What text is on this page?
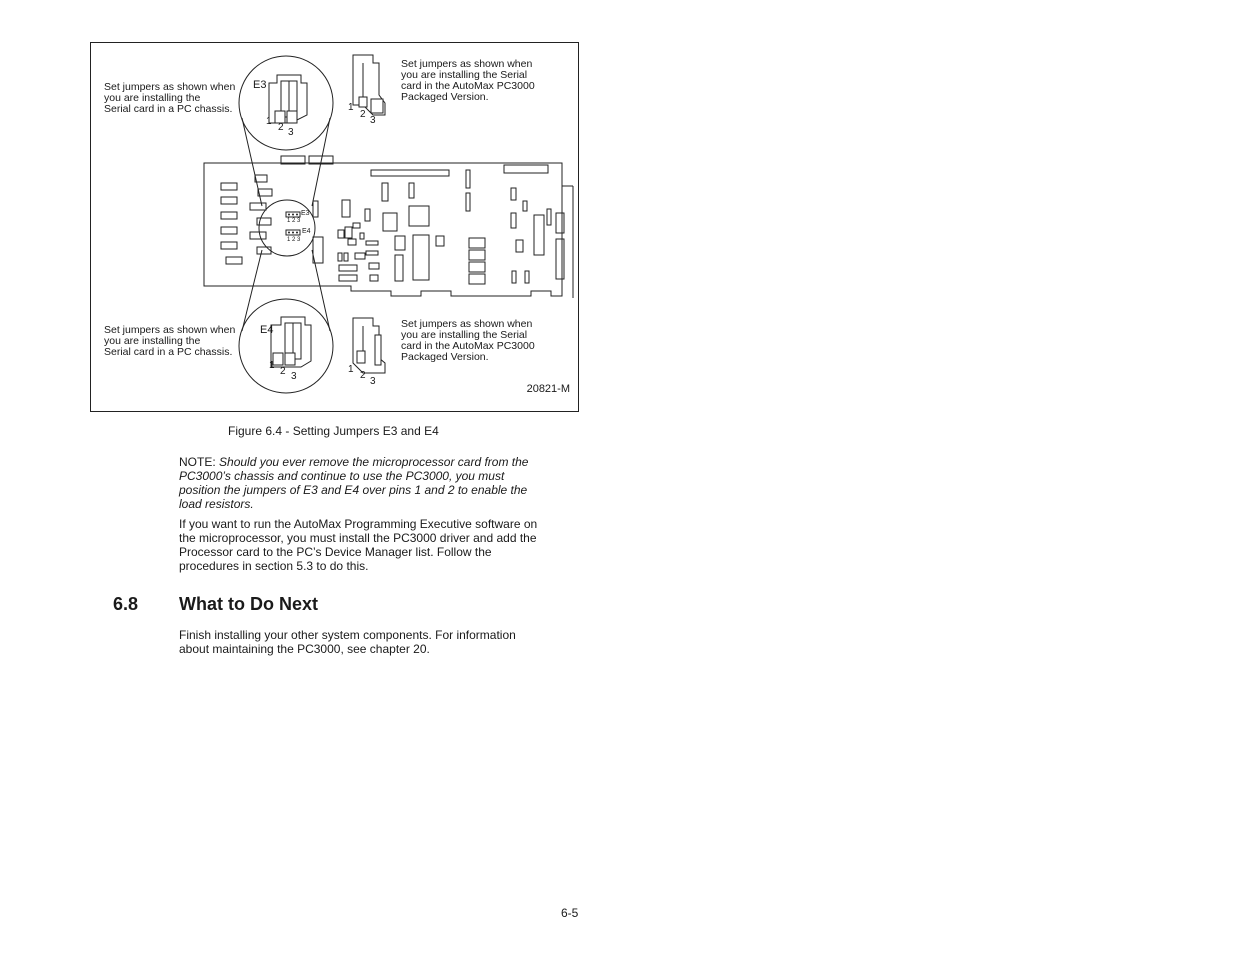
E3
E4
E3
E4
1 2 3
1 2 3
1
2 3
1
2
3
1
2 3
1
2
3

Set jumpers as shown when
you are installing the
Serial card in a PC chassis.

Set jumpers as shown when
you are installing the Serial
card in the AutoMax PC3000
Packaged Version.

Set jumpers as shown when
you are installing the
Serial card in a PC chassis.

Set jumpers as shown when
you are installing the Serial
card in the AutoMax PC3000
Packaged Version.

20821-M
Figure 6.4 - Setting Jumpers E3 and E4

NOTE: Should you ever remove the microprocessor card from the
PC3000’s chassis and continue to use the PC3000, you must
position the jumpers of E3 and E4 over pins 1 and 2 to enable the
load resistors.

If you want to run the AutoMax Programming Executive software on
the microprocessor, you must install the PC3000 driver and add the
Processor card to the PC’s Device Manager list. Follow the
procedures in section 5.3 to do this.

6.8 What to Do Next

Finish installing your other system components. For information
about maintaining the PC3000, see chapter 20.

6-5
